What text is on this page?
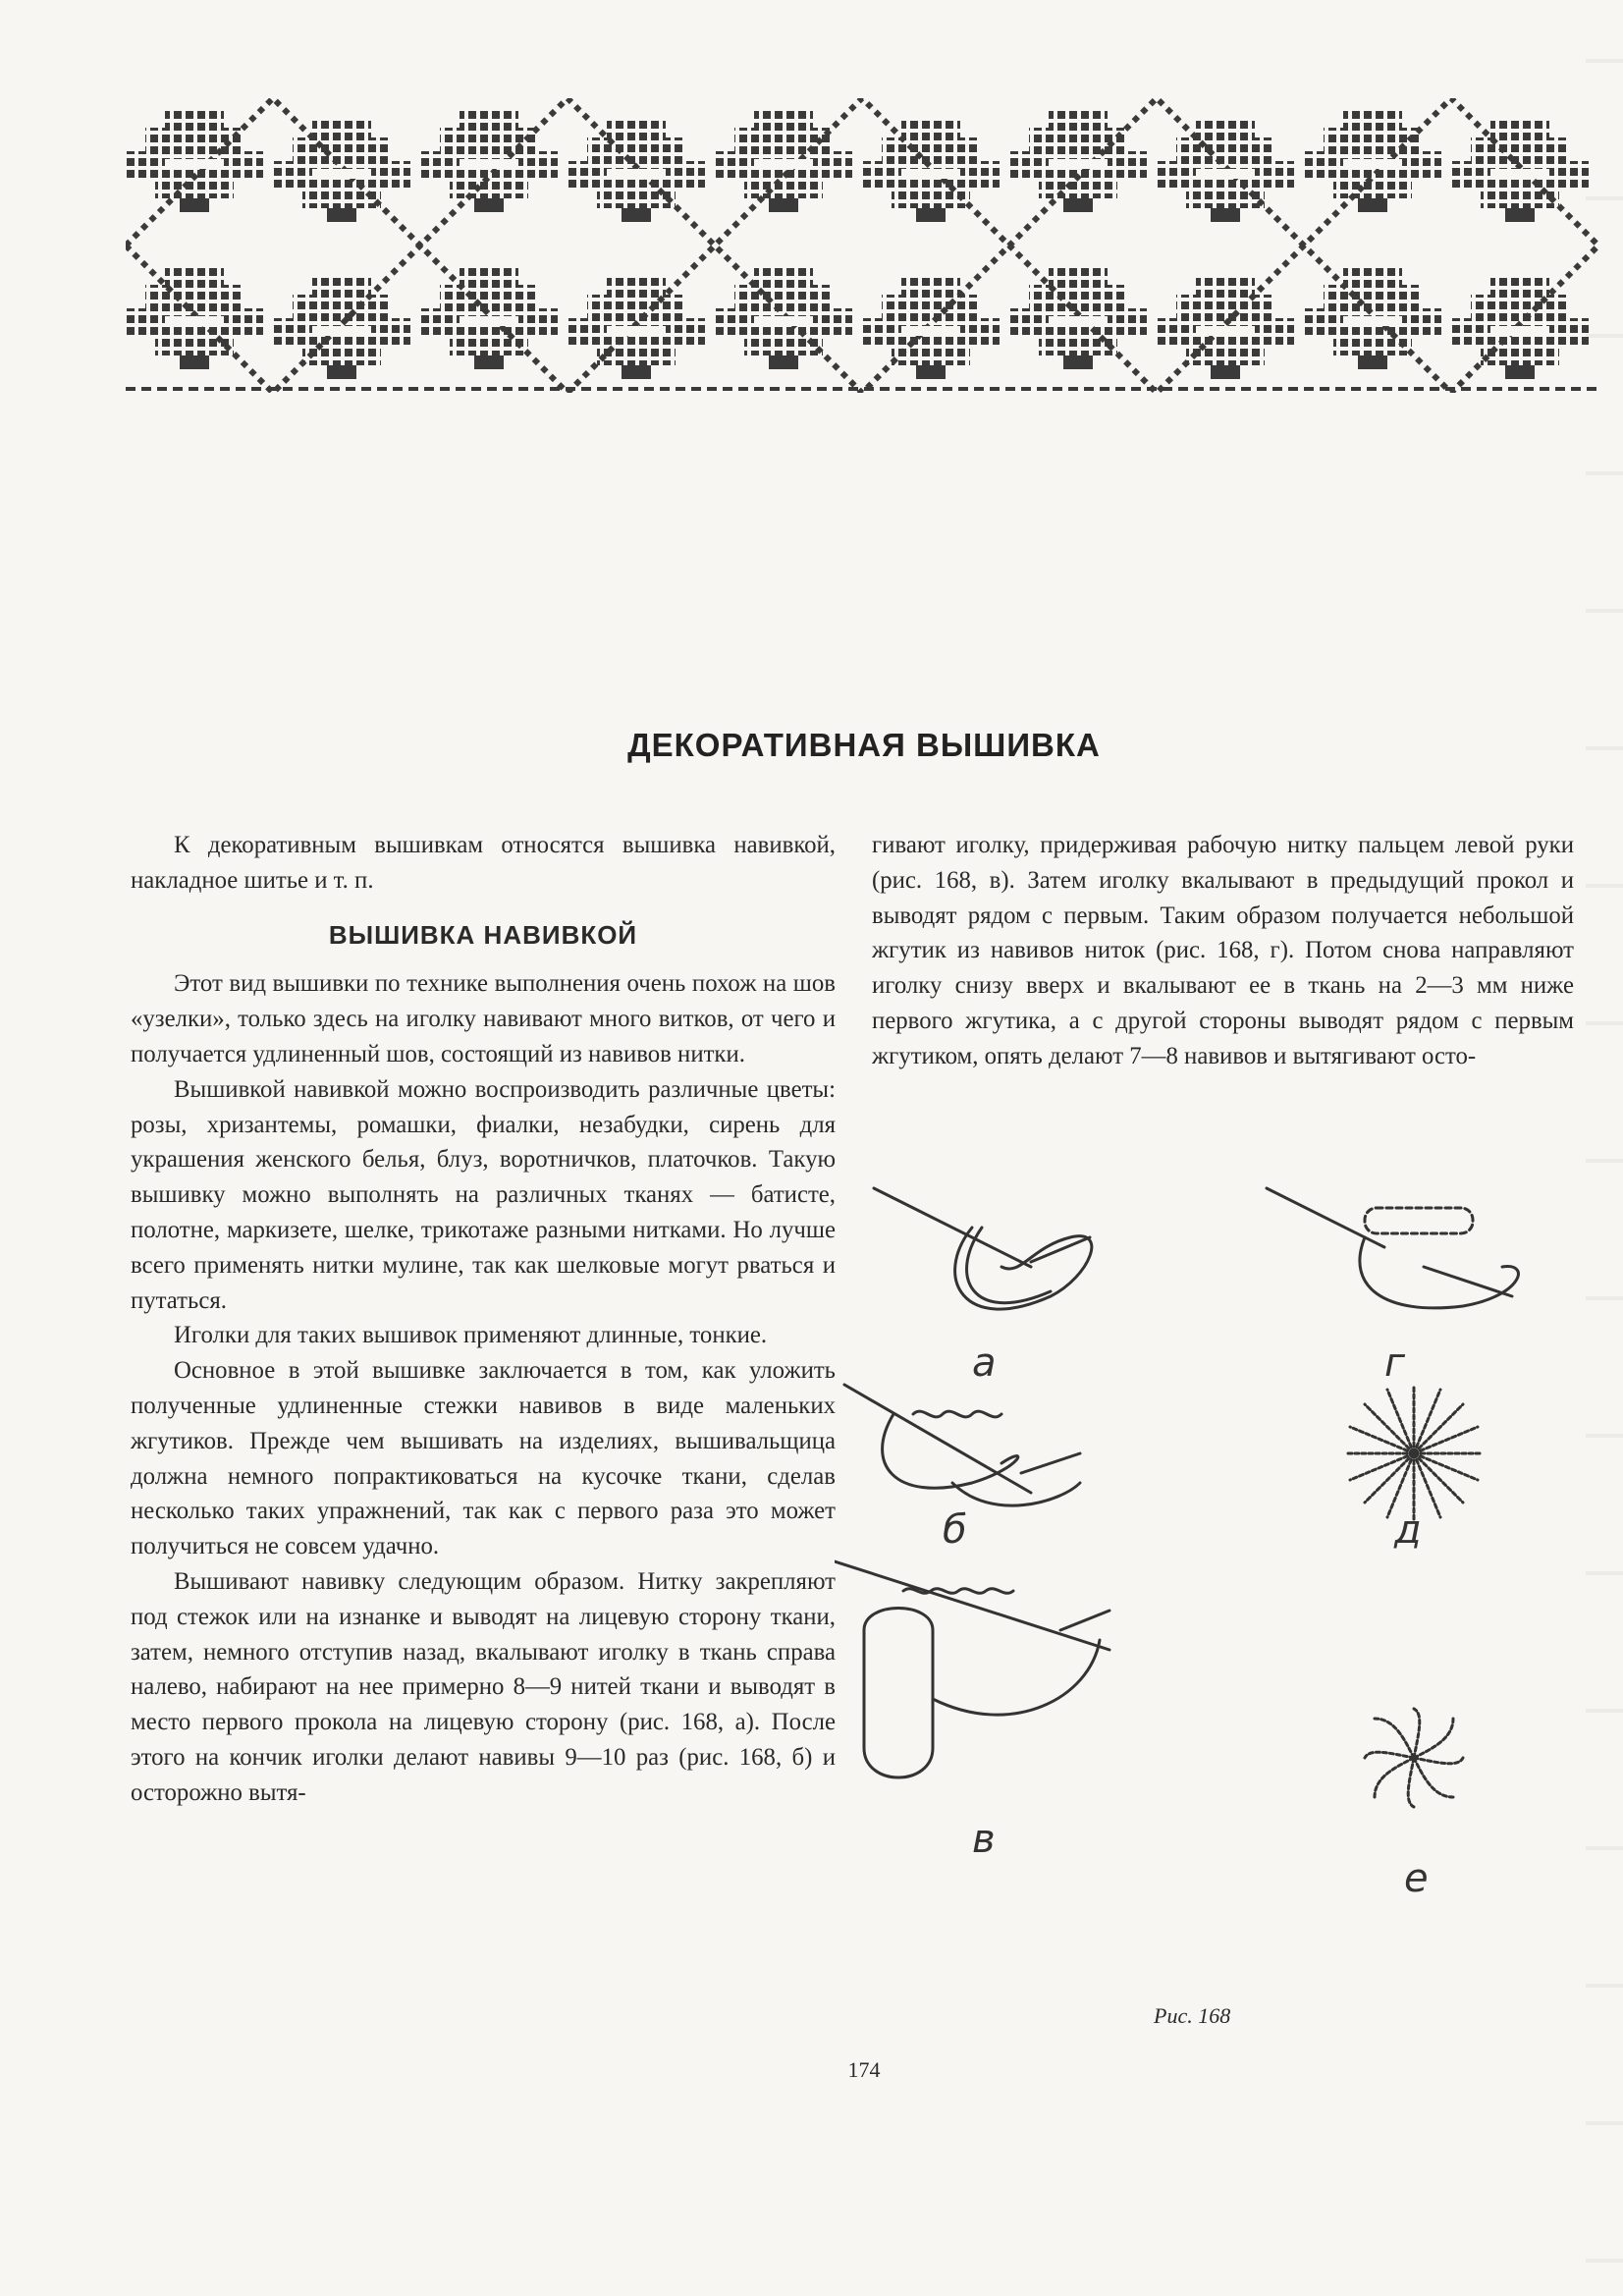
ДЕКОРАТИВНАЯ ВЫШИВКА

К декоративным вышивкам относятся вышивка навивкой, накладное шитье и т. п.

ВЫШИВКА НАВИВКОЙ

Этот вид вышивки по технике выполнения очень похож на шов «узелки», только здесь на иголку навивают много витков, от чего и получается удлиненный шов, состоящий из навивов нитки.

Вышивкой навивкой можно воспроизводить различные цветы: розы, хризантемы, ромашки, фиалки, незабудки, сирень для украшения женского белья, блуз, воротничков, платочков. Такую вышивку можно выполнять на различных тканях — батисте, полотне, маркизете, шелке, трикотаже разными нитками. Но лучше всего применять нитки мулине, так как шелковые могут рваться и путаться.

Иголки для таких вышивок применяют длинные, тонкие.

Основное в этой вышивке заключается в том, как уложить полученные удлиненные стежки навивов в виде маленьких жгутиков. Прежде чем вышивать на изделиях, вышивальщица должна немного попрактиковаться на кусочке ткани, сделав несколько таких упражнений, так как с первого раза это может получиться не совсем удачно.

Вышивают навивку следующим образом. Нитку закрепляют под стежок или на изнанке и выводят на лицевую сторону ткани, затем, немного отступив назад, вкалывают иголку в ткань справа налево, набирают на нее примерно 8—9 нитей ткани и выводят в место первого прокола на лицевую сторону (рис. 168, а). После этого на кончик иголки делают навивы 9—10 раз (рис. 168, б) и осторожно вытя-

гивают иголку, придерживая рабочую нитку пальцем левой руки (рис. 168, в). Затем иголку вкалывают в предыдущий прокол и выводят рядом с первым. Таким образом получается небольшой жгутик из навивов ниток (рис. 168, г). Потом снова направляют иголку снизу вверх и вкалывают ее в ткань на 2—3 мм ниже первого жгутика, а с другой стороны выводят рядом с первым жгутиком, опять делают 7—8 навивов и вытягивают осто-

а	г
б	д
в
е
Рис. 168
174
